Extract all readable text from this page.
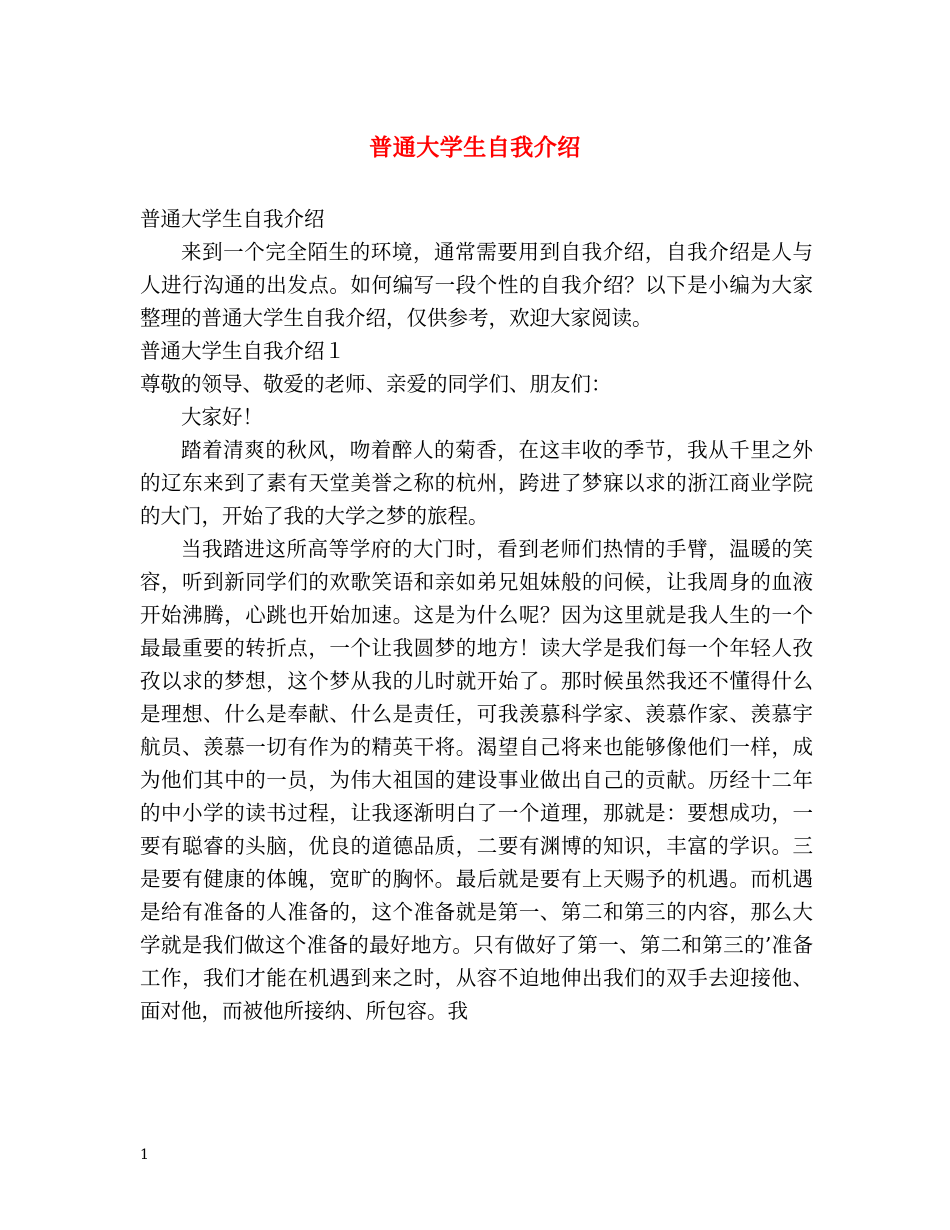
普通大学生自我介绍

普通大学生自我介绍

来到一个完全陌生的环境，通常需要用到自我介绍，自我介绍是人与人进行沟通的出发点。如何编写一段个性的自我介绍？以下是小编为大家整理的普通大学生自我介绍，仅供参考，欢迎大家阅读。

普通大学生自我介绍１

尊敬的领导、敬爱的老师、亲爱的同学们、朋友们：

大家好！

踏着清爽的秋风，吻着醉人的菊香，在这丰收的季节，我从千里之外的辽东来到了素有天堂美誉之称的杭州，跨进了梦寐以求的浙江商业学院的大门，开始了我的大学之梦的旅程。

当我踏进这所高等学府的大门时，看到老师们热情的手臂，温暖的笑容，听到新同学们的欢歌笑语和亲如弟兄姐妹般的问候，让我周身的血液开始沸腾，心跳也开始加速。这是为什么呢？因为这里就是我人生的一个最最重要的转折点，一个让我圆梦的地方！读大学是我们每一个年轻人孜孜以求的梦想，这个梦从我的儿时就开始了。那时候虽然我还不懂得什么是理想、什么是奉献、什么是责任，可我羡慕科学家、羡慕作家、羡慕宇航员、羡慕一切有作为的精英干将。渴望自己将来也能够像他们一样，成为他们其中的一员，为伟大祖国的建设事业做出自己的贡献。历经十二年的中小学的读书过程，让我逐渐明白了一个道理，那就是：要想成功，一要有聪睿的头脑，优良的道德品质，二要有渊博的知识，丰富的学识。三是要有健康的体魄，宽旷的胸怀。最后就是要有上天赐予的机遇。而机遇是给有准备的人准备的，这个准备就是第一、第二和第三的内容，那么大学就是我们做这个准备的最好地方。只有做好了第一、第二和第三的’准备工作，我们才能在机遇到来之时，从容不迫地伸出我们的双手去迎接他、面对他，而被他所接纳、所包容。我

1
